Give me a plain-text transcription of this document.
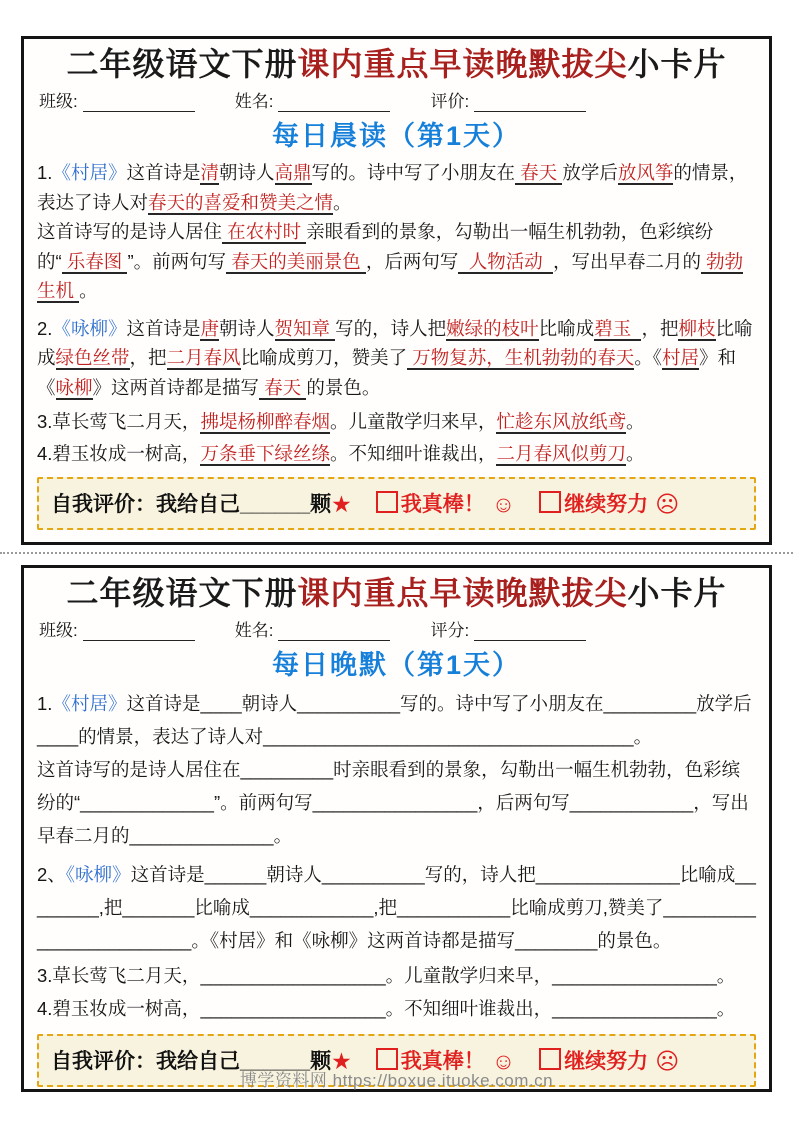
二年级语文下册课内重点早读晚默拔尖小卡片
班级:	姓名:	评价:
每日晨读（第1天）

1.《村居》这首诗是清朝诗人高鼎写的。诗中写了小朋友在 春天 放学后放风筝的情景，表达了诗人对春天的喜爱和赞美之情。

这首诗写的是诗人居住 在农村时 亲眼看到的景象，勾勒出一幅生机勃勃，色彩缤纷的“ 乐春图 ”。前两句写 春天的美丽景色 ，后两句写  人物活动  ，写出早春二月的 勃勃生机 。

2.《咏柳》这首诗是唐朝诗人贺知章 写的，诗人把嫩绿的枝叶比喻成碧玉  ，把柳枝比喻成绿色丝带，把二月春风比喻成剪刀，赞美了 万物复苏，生机勃勃的春天。《村居》和《咏柳》这两首诗都是描写 春天 的景色。

3.草长莺飞二月天，拂堤杨柳醉春烟。儿童散学归来早，忙趁东风放纸鸢。

4.碧玉妆成一树高，万条垂下绿丝绦。不知细叶谁裁出，二月春风似剪刀。

自我评价：我给自己______颗★ 我真棒！ ☺ 继续努力 ☹
二年级语文下册课内重点早读晚默拔尖小卡片
班级:	姓名:	评分:
每日晚默（第1天）

1.《村居》这首诗是____朝诗人__________写的。诗中写了小朋友在_________放学后____的情景，表达了诗人对____________________________________。

这首诗写的是诗人居住在_________时亲眼看到的景象，勾勒出一幅生机勃勃，色彩缤纷的“_____________”。前两句写________________，后两句写____________，写出早春二月的______________。

2、《咏柳》这首诗是______朝诗人__________写的，诗人把______________比喻成________,把_______比喻成____________,把___________比喻成剪刀,赞美了________________________。《村居》和《咏柳》这两首诗都是描写________的景色。

3.草长莺飞二月天，__________________。儿童散学归来早，________________。

4.碧玉妆成一树高，__________________。不知细叶谁裁出，________________。

自我评价：我给自己______颗★ 我真棒！ ☺ 继续努力 ☹
博学资料网 https://boxue.ituoke.com.cn
